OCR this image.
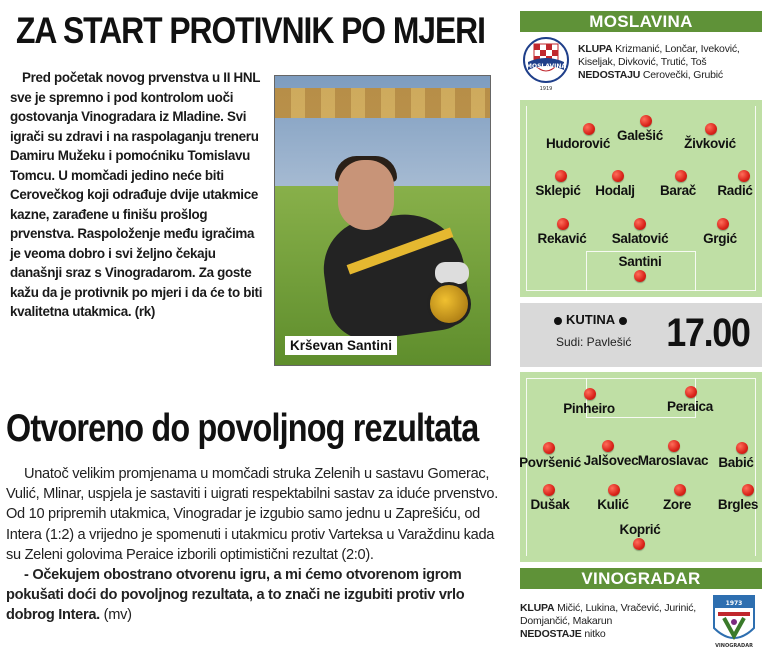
ZA START PROTIVNIK PO MJERI
Pred početak novog prvenstva u II HNL sve je spremno i pod kontrolom uoči gostovanja Vinogradara iz Mladine. Svi igrači su zdravi i na raspolaganju treneru Damiru Mužeku i pomoćniku Tomislavu Tomcu. U momčadi jedino neće biti Cerovečkog koji odrađuje dvije utakmice kazne, zarađene u finišu prošlog prvenstva. Raspoloženje među igračima je veoma dobro i svi željno čekaju današnji sraz s Vinogradarom. Za goste kažu da je protivnik po mjeri i da će to biti kvalitetna utakmica. (rk)
Krševan Santini
Otvoreno do povoljnog rezultata

Unatoč velikim promjenama u momčadi struka Zelenih u sastavu Gomerac, Vulić, Mlinar, uspjela je sastaviti i uigrati respektabilni sastav za iduće prvenstvo. Od 10 pripremih utakmica, Vinogradar je izgubio samo jednu u Zaprešiću, od Intera (1:2) a vrijedno je spomenuti i utakmicu protiv Varteksa u Varaždinu kada su Zeleni golovima Peraice izborili optimistični rezultat (2:0).

- Očekujem obostrano otvorenu igru, a mi ćemo otvorenom igrom pokušati doći do povoljnog rezultata, a to znači ne izgubiti protiv vrlo dobrog Intera. (mv)

MOSLAVINA
MOSLAVINA
1919
KLUPA Krizmanić, Lončar, Iveković, Kiseljak, Divković, Trutić, Toš
NEDOSTAJU Cerovečki, Grubić
Hudorović
Galešić
Živković
Sklepić	Hodalj	Barač	Radić
Rekavić	Salatović	Grgić
Santini
KUTINA
Sudi: Pavlešić 17.00
Pinheiro	Peraica
Površenić Jalšovec Maroslavac Babić
Dušak	Kulić	Zore	Brgles
Koprić
VINOGRADAR
KLUPA Mičić, Lukina, Vračević, Jurinić, Domjančić, Makarun
NEDOSTAJE nitko
1973
VINOGRADAR
